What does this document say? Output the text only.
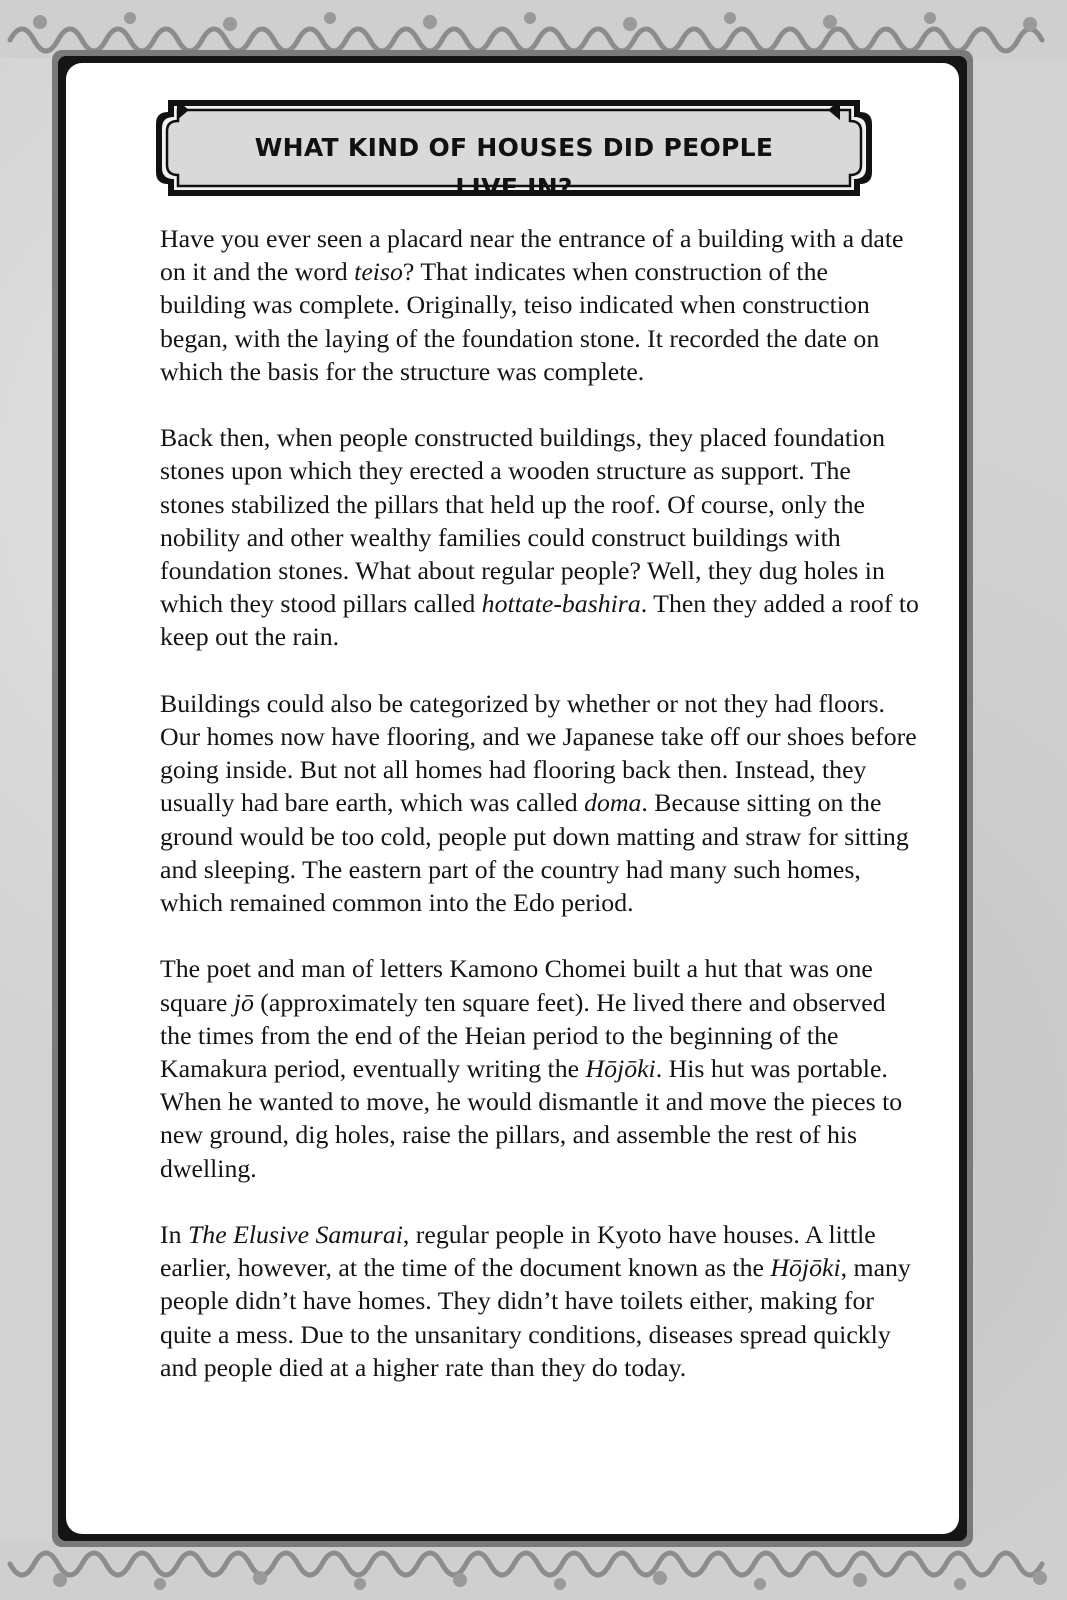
WHAT KIND OF HOUSES DID PEOPLE LIVE IN?

Have you ever seen a placard near the entrance of a building with a date on it and the word teiso? That indicates when construction of the building was complete. Originally, teiso indicated when construction began, with the laying of the foundation stone. It recorded the date on which the basis for the structure was complete.

Back then, when people constructed buildings, they placed foundation stones upon which they erected a wooden structure as support. The stones stabilized the pillars that held up the roof. Of course, only the nobility and other wealthy families could construct buildings with foundation stones. What about regular people? Well, they dug holes in which they stood pillars called hottate-bashira. Then they added a roof to keep out the rain.

Buildings could also be categorized by whether or not they had floors. Our homes now have flooring, and we Japanese take off our shoes before going inside. But not all homes had flooring back then. Instead, they usually had bare earth, which was called doma. Because sitting on the ground would be too cold, people put down matting and straw for sitting and sleeping. The eastern part of the country had many such homes, which remained common into the Edo period.

The poet and man of letters Kamono Chomei built a hut that was one square jō (approximately ten square feet). He lived there and observed the times from the end of the Heian period to the beginning of the Kamakura period, eventually writing the Hōjōki. His hut was portable. When he wanted to move, he would dismantle it and move the pieces to new ground, dig holes, raise the pillars, and assemble the rest of his dwelling.

In The Elusive Samurai, regular people in Kyoto have houses. A little earlier, however, at the time of the document known as the Hōjōki, many people didn’t have homes. They didn’t have toilets either, making for quite a mess. Due to the unsanitary conditions, diseases spread quickly and people died at a higher rate than they do today.
